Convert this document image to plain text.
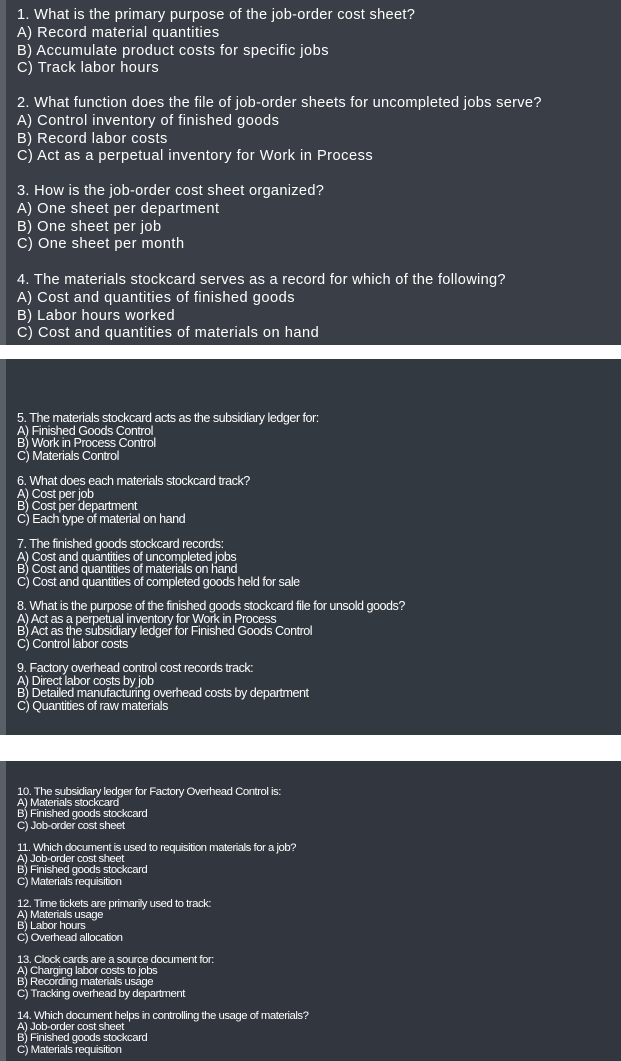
1. What is the primary purpose of the job-order cost sheet?
A) Record material quantities
B) Accumulate product costs for specific jobs
C) Track labor hours
2. What function does the file of job-order sheets for uncompleted jobs serve?
A) Control inventory of finished goods
B) Record labor costs
C) Act as a perpetual inventory for Work in Process
3. How is the job-order cost sheet organized?
A) One sheet per department
B) One sheet per job
C) One sheet per month
4. The materials stockcard serves as a record for which of the following?
A) Cost and quantities of finished goods
B) Labor hours worked
C) Cost and quantities of materials on hand
5. The materials stockcard acts as the subsidiary ledger for:
A) Finished Goods Control
B) Work in Process Control
C) Materials Control
6. What does each materials stockcard track?
A) Cost per job
B) Cost per department
C) Each type of material on hand
7. The finished goods stockcard records:
A) Cost and quantities of uncompleted jobs
B) Cost and quantities of materials on hand
C) Cost and quantities of completed goods held for sale
8. What is the purpose of the finished goods stockcard file for unsold goods?
A) Act as a perpetual inventory for Work in Process
B) Act as the subsidiary ledger for Finished Goods Control
C) Control labor costs
9. Factory overhead control cost records track:
A) Direct labor costs by job
B) Detailed manufacturing overhead costs by department
C) Quantities of raw materials
10. The subsidiary ledger for Factory Overhead Control is:
A) Materials stockcard
B) Finished goods stockcard
C) Job-order cost sheet
11. Which document is used to requisition materials for a job?
A) Job-order cost sheet
B) Finished goods stockcard
C) Materials requisition
12. Time tickets are primarily used to track:
A) Materials usage
B) Labor hours
C) Overhead allocation
13. Clock cards are a source document for:
A) Charging labor costs to jobs
B) Recording materials usage
C) Tracking overhead by department
14. Which document helps in controlling the usage of materials?
A) Job-order cost sheet
B) Finished goods stockcard
C) Materials requisition
